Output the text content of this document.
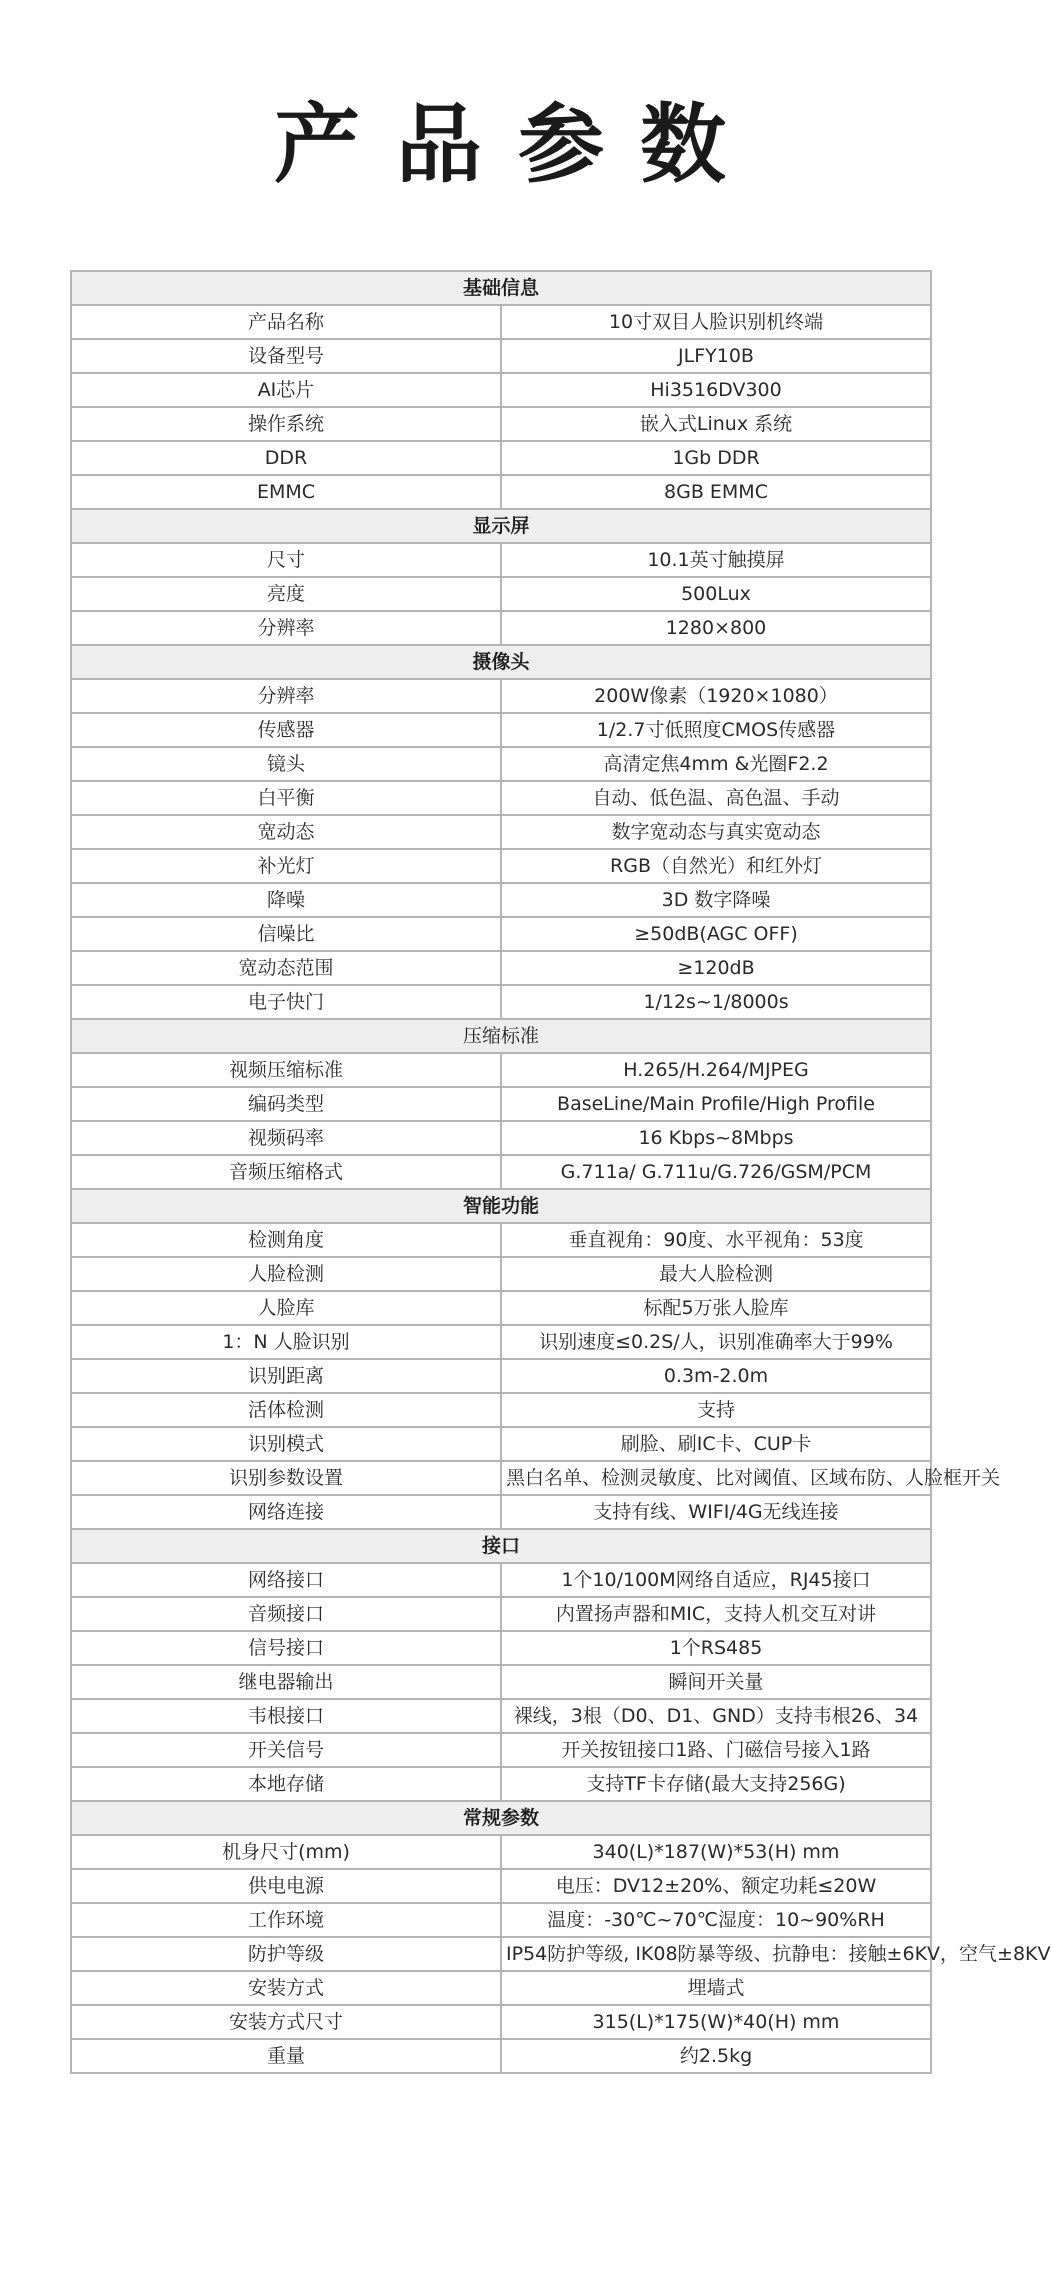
产品参数
基础信息	
产品名称	10寸双目人脸识别机终端
设备型号	JLFY10B
AI芯片	Hi3516DV300
操作系统	嵌入式Linux 系统
DDR	1Gb DDR
EMMC	8GB EMMC
显示屏	
尺寸	10.1英寸触摸屏
亮度	500Lux
分辨率	1280×800
摄像头	
分辨率	200W像素（1920×1080）
传感器	1/2.7寸低照度CMOS传感器
镜头	高清定焦4mm &光圈F2.2
白平衡	自动、低色温、高色温、手动
宽动态	数字宽动态与真实宽动态
补光灯	RGB（自然光）和红外灯
降噪	3D 数字降噪
信噪比	≥50dB(AGC OFF)
宽动态范围	≥120dB
电子快门	1/12s~1/8000s
压缩标准	
视频压缩标准	H.265/H.264/MJPEG
编码类型	BaseLine/Main Profile/High Profile
视频码率	16 Kbps~8Mbps
音频压缩格式	G.711a/ G.711u/G.726/GSM/PCM
智能功能	
检测角度	垂直视角：90度、水平视角：53度
人脸检测	最大人脸检测
人脸库	标配5万张人脸库
1：N 人脸识别	识别速度≤0.2S/人，识别准确率大于99%
识别距离	0.3m-2.0m
活体检测	支持
识别模式	刷脸、刷IC卡、CUP卡
识别参数设置	黑白名单、检测灵敏度、比对阈值、区域布防、人脸框开关
网络连接	支持有线、WIFI/4G无线连接
接口	
网络接口	1个10/100M网络自适应，RJ45接口
音频接口	内置扬声器和MIC，支持人机交互对讲
信号接口	1个RS485
继电器输出	瞬间开关量
韦根接口	裸线，3根（D0、D1、GND）支持韦根26、34
开关信号	开关按钮接口1路、门磁信号接入1路
本地存储	支持TF卡存储(最大支持256G)
常规参数	
机身尺寸(mm)	340(L)*187(W)*53(H) mm
供电电源	电压：DV12±20%、额定功耗≤20W
工作环境	温度：-30℃~70℃湿度：10~90%RH
防护等级	IP54防护等级, IK08防暴等级、抗静电：接触±6KV，空气±8KV
安装方式	埋墙式
安装方式尺寸	315(L)*175(W)*40(H) mm
重量	约2.5kg
